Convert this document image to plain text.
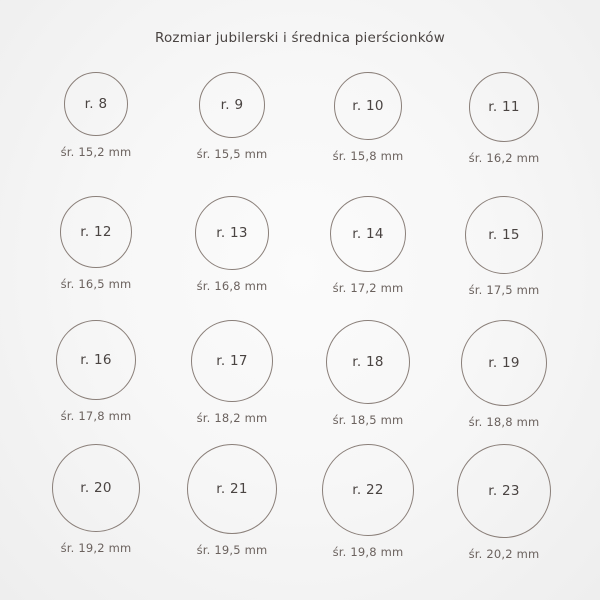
Rozmiar jubilerski i średnica pierścionków
r. 8
śr. 15,2 mm
r. 9
śr. 15,5 mm
r. 10
śr. 15,8 mm
r. 11
śr. 16,2 mm
r. 12
śr. 16,5 mm
r. 13
śr. 16,8 mm
r. 14
śr. 17,2 mm
r. 15
śr. 17,5 mm
r. 16
śr. 17,8 mm
r. 17
śr. 18,2 mm
r. 18
śr. 18,5 mm
r. 19
śr. 18,8 mm
r. 20
śr. 19,2 mm
r. 21
śr. 19,5 mm
r. 22
śr. 19,8 mm
r. 23
śr. 20,2 mm
